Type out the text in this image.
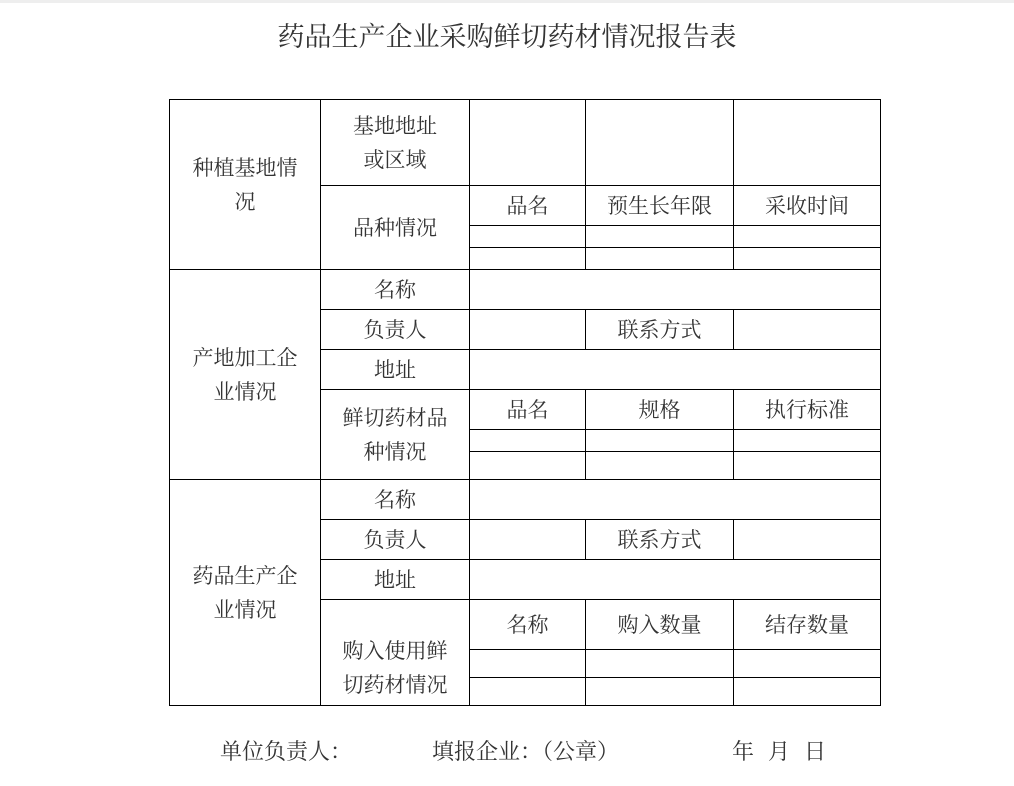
药品生产企业采购鲜切药材情况报告表
种植基地情况	基地地址或区域			

	品种情况	品名	预生长年限	采收时间

产地加工企业情况	名称			
	负责人		联系方式	
	地址			

	鲜切药材品种情况	品名	规格	执行标准

药品生产企业情况	名称			
	负责人		联系方式	
	地址			

	购入使用鲜切药材情况	名称	购入数量	结存数量

单位负责人：	填报企业：（公章）	年  月  日
